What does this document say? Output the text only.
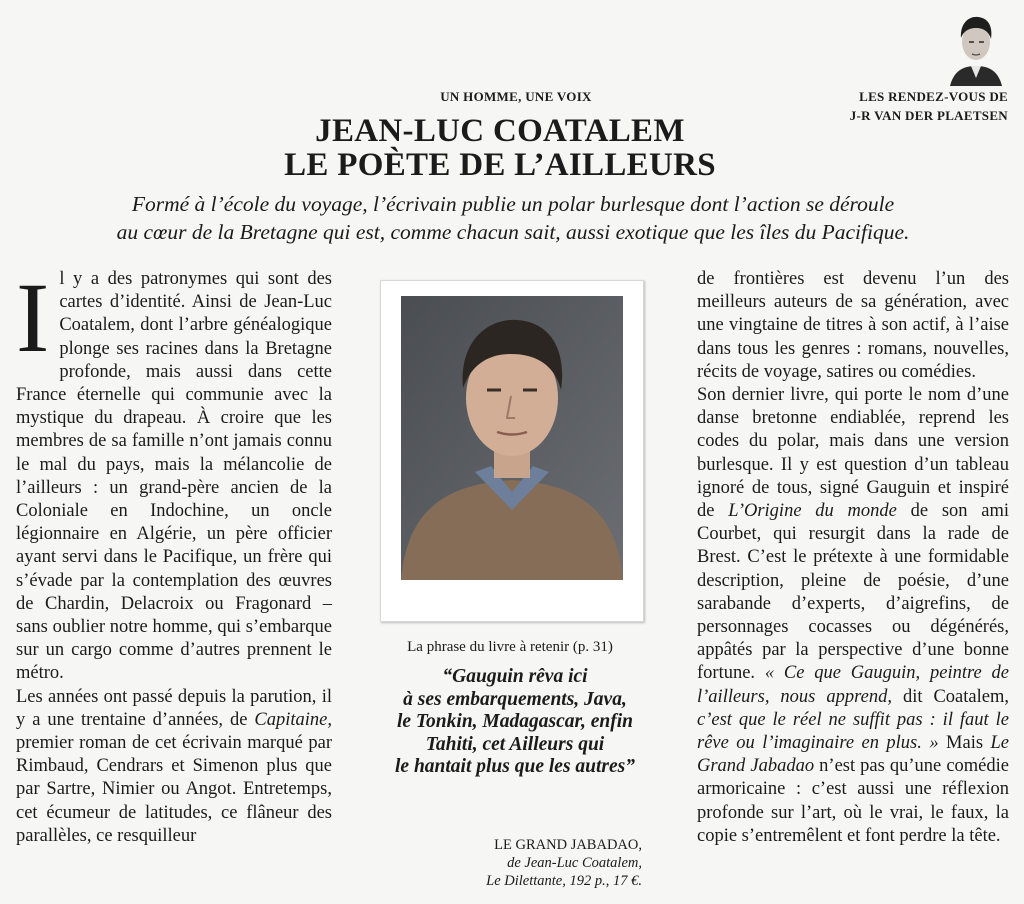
UN HOMME, UNE VOIX	LES RENDEZ-VOUS DE
J-R VAN DER PLAETSEN
JEAN-LUC COATALEM
LE POÈTE DE L’AILLEURS
Formé à l’école du voyage, l’écrivain publie un polar burlesque dont l’action se déroule
au cœur de la Bretagne qui est, comme chacun sait, aussi exotique que les îles du Pacifique.

Il y a des patronymes qui sont des cartes d’identité. Ainsi de Jean-Luc Coatalem, dont l’arbre généalogique plonge ses racines dans la Bretagne profonde, mais aussi dans cette France éternelle qui communie avec la mystique du drapeau. À croire que les membres de sa famille n’ont jamais connu le mal du pays, mais la mélancolie de l’ailleurs : un grand-père ancien de la Coloniale en Indochine, un oncle légionnaire en Algérie, un père officier ayant servi dans le Pacifique, un frère qui s’évade par la contemplation des œuvres de Chardin, Delacroix ou Fragonard – sans oublier notre homme, qui s’embarque sur un cargo comme d’autres prennent le métro.

Les années ont passé depuis la parution, il y a une trentaine d’années, de Capitaine, premier roman de cet écrivain marqué par Rimbaud, Cendrars et Simenon plus que par Sartre, Nimier ou Angot. Entretemps, cet écumeur de latitudes, ce flâneur des parallèles, ce resquilleur

La phrase du livre à retenir (p. 31)
“Gauguin rêva ici
à ses embarquements, Java,
le Tonkin, Madagascar, enfin
Tahiti, cet Ailleurs qui
le hantait plus que les autres”
LE GRAND JABADAO,
de Jean-Luc Coatalem,
Le Dilettante, 192 p., 17 €.

de frontières est devenu l’un des meilleurs auteurs de sa génération, avec une vingtaine de titres à son actif, à l’aise dans tous les genres : romans, nouvelles, récits de voyage, satires ou comédies.

Son dernier livre, qui porte le nom d’une danse bretonne endiablée, reprend les codes du polar, mais dans une version burlesque. Il y est question d’un tableau ignoré de tous, signé Gauguin et inspiré de L’Origine du monde de son ami Courbet, qui resurgit dans la rade de Brest. C’est le prétexte à une formidable description, pleine de poésie, d’une sarabande d’experts, d’aigrefins, de personnages cocasses ou dégénérés, appâtés par la perspective d’une bonne fortune. « Ce que Gauguin, peintre de l’ailleurs, nous apprend, dit Coatalem, c’est que le réel ne suffit pas : il faut le rêve ou l’imaginaire en plus. » Mais Le Grand Jabadao n’est pas qu’une comédie armoricaine : c’est aussi une réflexion profonde sur l’art, où le vrai, le faux, la copie s’entremêlent et font perdre la tête.
